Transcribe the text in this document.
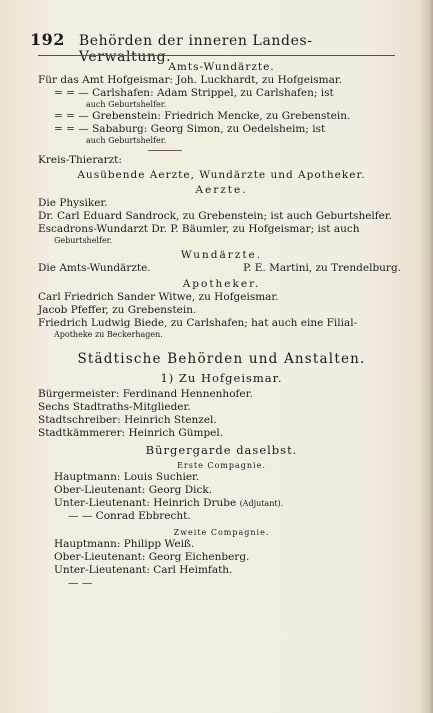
192 Behörden der inneren Landes-Verwaltung.
Amts-Wundärzte.
Für das Amt Hofgeismar: Joh. Luckhardt, zu Hofgeismar.
= = — Carlshafen: Adam Strippel, zu Carlshafen; ist
auch Geburtshelfer.
= = — Grebenstein: Friedrich Mencke, zu Grebenstein.
= = — Sababurg: Georg Simon, zu Oedelsheim; ist
auch Geburtshelfer.
Kreis-Thierarzt:
Ausübende Aerzte, Wundärzte und Apotheker.
Aerzte.
Die Physiker.
Dr. Carl Eduard Sandrock, zu Grebenstein; ist auch Geburtshelfer.
Escadrons-Wundarzt Dr. P. Bäumler, zu Hofgeismar; ist auch
Geburtshelfer.
Wundärzte.
Die Amts-Wundärzte.	P. E. Martini, zu Trendelburg.
Apotheker.
Carl Friedrich Sander Witwe, zu Hofgeismar.
Jacob Pfeffer, zu Grebenstein.
Friedrich Ludwig Biede, zu Carlshafen; hat auch eine Filial-
Apotheke zu Beckerhagen.
Städtische Behörden und Anstalten.
1) Zu Hofgeismar.
Bürgermeister: Ferdinand Hennenhofer.
Sechs Stadtraths-Mitglieder.
Stadtschreiber: Heinrich Stenzel.
Stadtkämmerer: Heinrich Gümpel.
Bürgergarde daselbst.
Erste Compagnie.
Hauptmann: Louis Suchier.
Ober-Lieutenant: Georg Dick.
Unter-Lieutenant: Heinrich Drube (Adjutant).
— — Conrad Ebbrecht.
Zweite Compagnie.
Hauptmann: Philipp Weiß.
Ober-Lieutenant: Georg Eichenberg.
Unter-Lieutenant: Carl Heimfath.
— —
